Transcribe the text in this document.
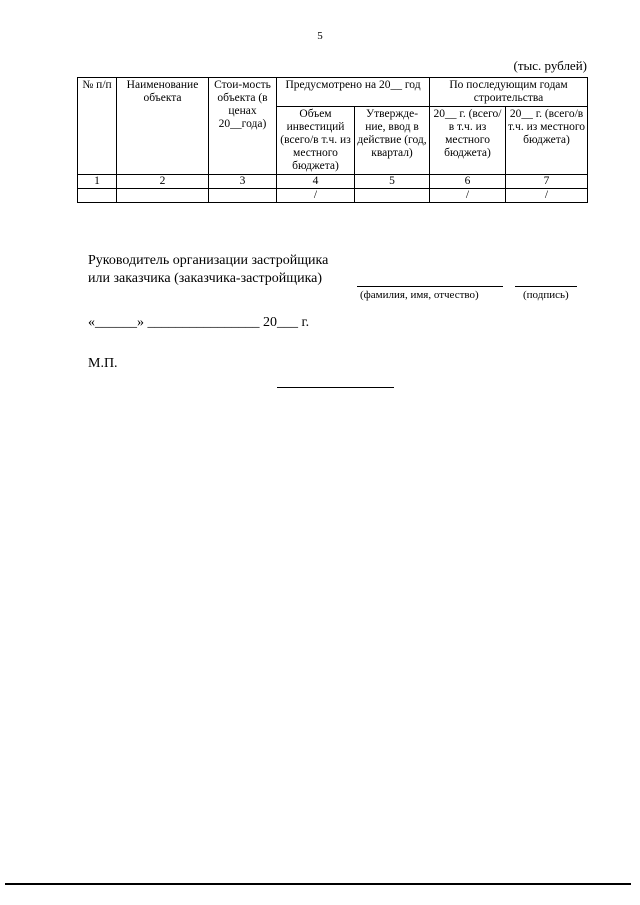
5
(тыс. рублей)
№ п/п	Наименование объекта	Стои-мость объекта (в ценах 20__года)	Предусмотрено на 20__ год		По последующим годам строительства	
			Объем инвестиций (всего/в т.ч. из местного бюджета)	Утвержде-ние, ввод в действие (год, квартал)	20__ г. (всего/в т.ч. из местного бюджета)	20__ г. (всего/в т.ч. из местного бюджета)
1	2	3	4	5	6	7
			/		/	/
Руководитель организации застройщика
или заказчика (заказчика-застройщика)
(фамилия, имя, отчество)	(подпись)
«______» ________________ 20___ г.
М.П.
